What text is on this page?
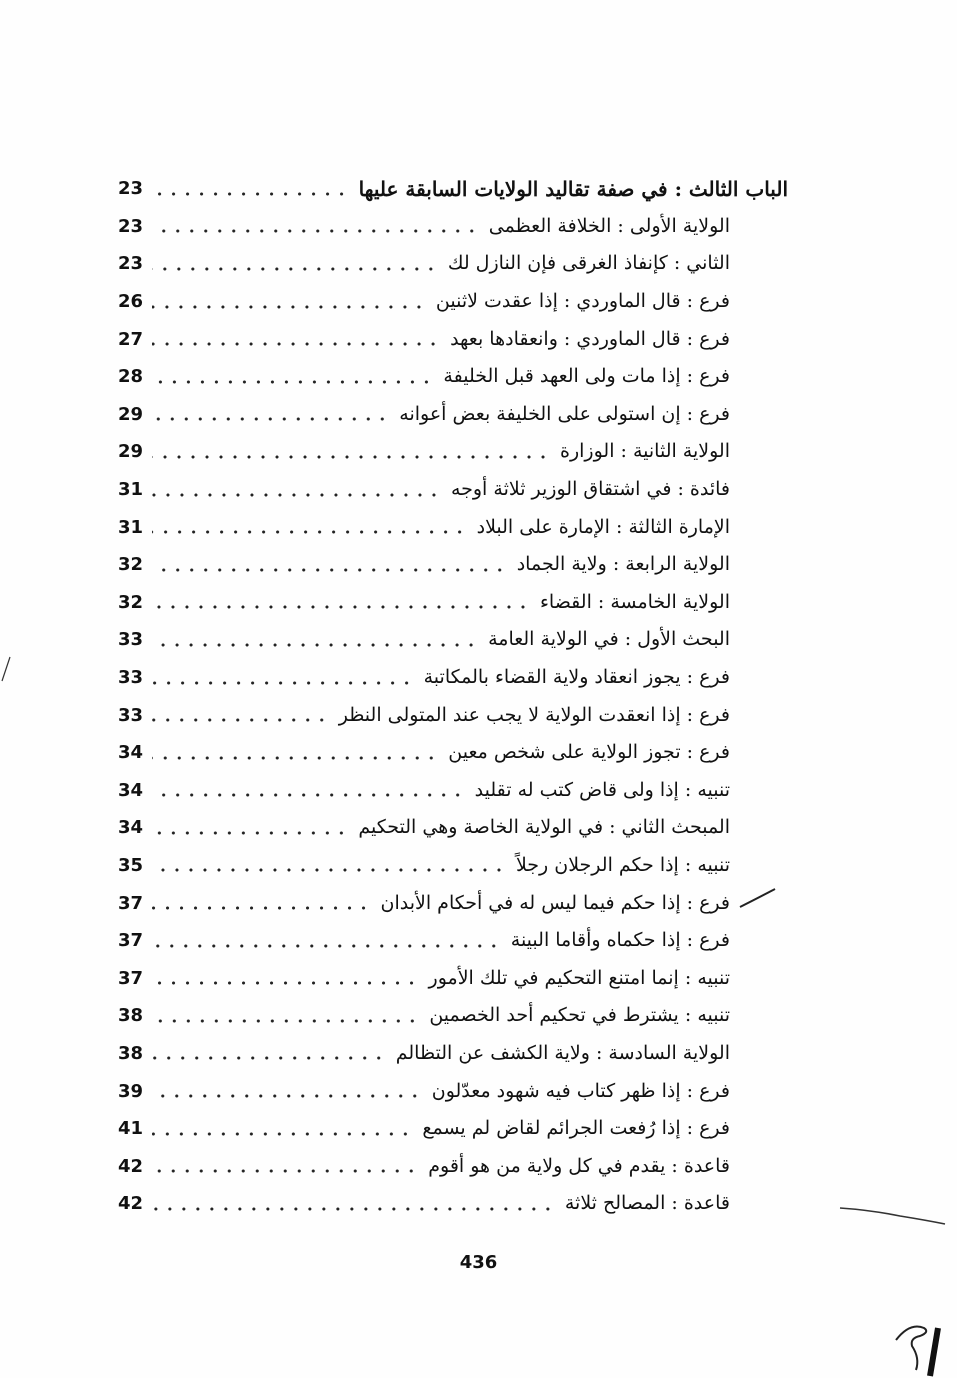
الباب الثالث : في صفة تقاليد الولايات السابقة عليها
23
الولاية الأولى : الخلافة العظمى
23
الثاني : كإنفاذ الغرقى فإن النازل لك
23
فرع : قال الماوردي : إذا عقدت لاثنين
26
فرع : قال الماوردي : وانعقادها بعهد
27
فرع : إذا مات ولى العهد قبل الخليفة
28
فرع : إن استولى على الخليفة بعض أعوانه
29
الولاية الثانية : الوزارة
29
فائدة : في اشتقاق الوزير ثلاثة أوجه
31
الإمارة الثالثة : الإمارة على البلاد
31
الولاية الرابعة : ولاية الجماد
32
الولاية الخامسة : القضاء
32
البحث الأول : في الولاية العامة
33
فرع : يجوز انعقاد ولاية القضاء بالمكاتبة
33
فرع : إذا انعقدت الولاية لا يجب عند المتولى النظر
33
فرع : تجوز الولاية على شخص معين
34
تنبيه : إذا ولى قاض كتب له تقليد
34
المبحث الثاني : في الولاية الخاصة وهي التحكيم
34
تنبيه : إذا حكم الرجلان رجلاً
35
فرع : إذا حكم فيما ليس له في أحكام الأبدان
37
فرع : إذا حكماه وأقاما البينة
37
تنبيه : إنما امتنع التحكيم في تلك الأمور
37
تنبيه : يشترط في تحكيم أحد الخصمين
38
الولاية السادسة : ولاية الكشف عن التظالم
38
فرع : إذا ظهر كتاب فيه شهود معدّلون
39
فرع : إذا رُفعت الجرائم لقاض لم يسمع
41
قاعدة : يقدم في كل ولاية من هو أقوم
42
قاعدة : المصالح ثلاثة
42
436
